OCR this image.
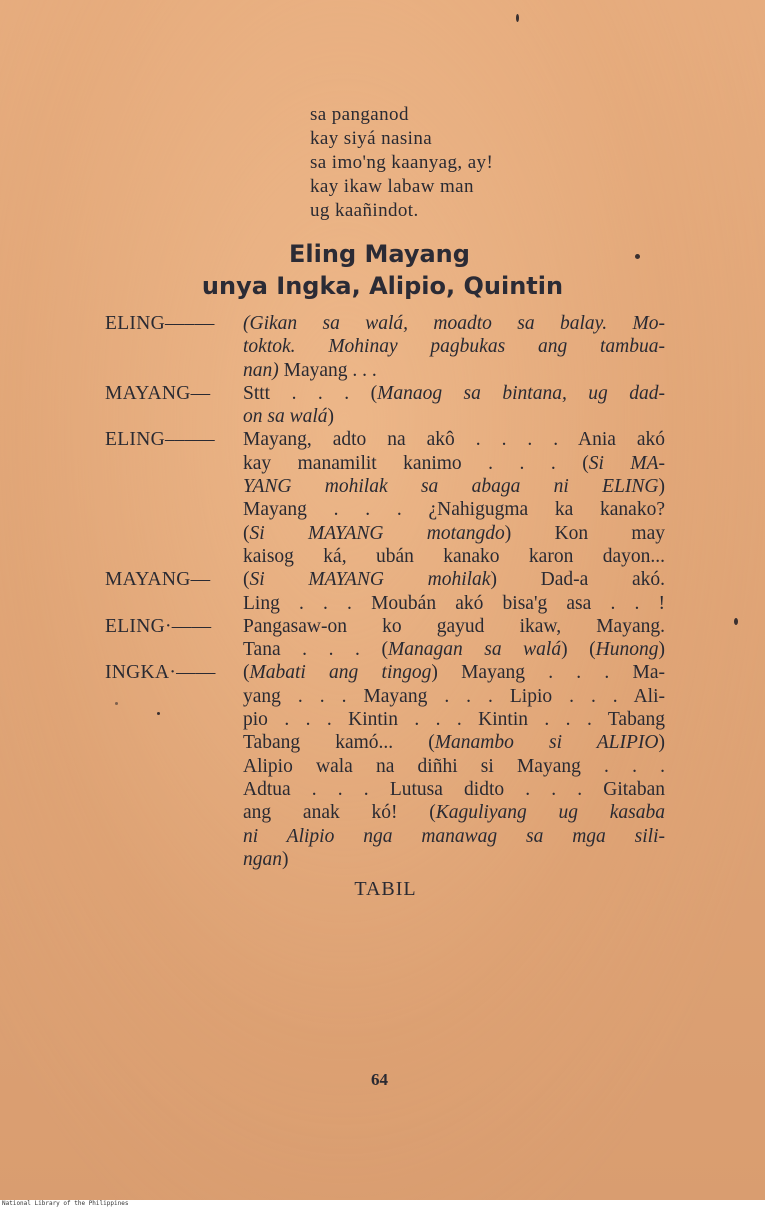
sa panganod
kay siyá nasina
sa imo'ng kaanyag, ay!
kay ikaw labaw man
ug kaañindot.
Eling Mayang
unya Ingka, Alipio, Quintin
ELING—–—	(Gikan sa walá, moadto sa balay. Mo-
toktok. Mohinay pagbukas ang tambua-
nan) Mayang . . .
MAYANG—	Sttt . . . (Manaog sa bintana, ug dad-
on sa walá)
ELING–––—	Mayang, adto na akô . . . . Ania akó
kay manamilit kanimo . . . (Si MA-
YANG mohilak sa abaga ni ELING)
Mayang . . . ¿Nahigugma ka kanako?
(Si MAYANG motangdo) Kon may
kaisog ká, ubán kanako karon dayon...
MAYANG—	(Si MAYANG mohilak) Dad-a akó.
Ling . . . Moubán akó bisa'g asa . . !
ELING·——	Pangasaw-on ko gayud ikaw, Mayang.
Tana . . . (Managan sa walá) (Hunong)
INGKA·——	(Mabati ang tingog) Mayang . . . Ma-
yang . . . Mayang . . . Lipio . . . Ali-
pio . . . Kintin . . . Kintin . . . Tabang
Tabang kamó... (Manambo si ALIPIO)
Alipio wala na diñhi si Mayang . . .
Adtua . . . Lutusa didto . . . Gitaban
ang anak kó! (Kaguliyang ug kasaba
ni Alipio nga manawag sa mga sili-
ngan)
TABIL
64
National Library of the Philippines
